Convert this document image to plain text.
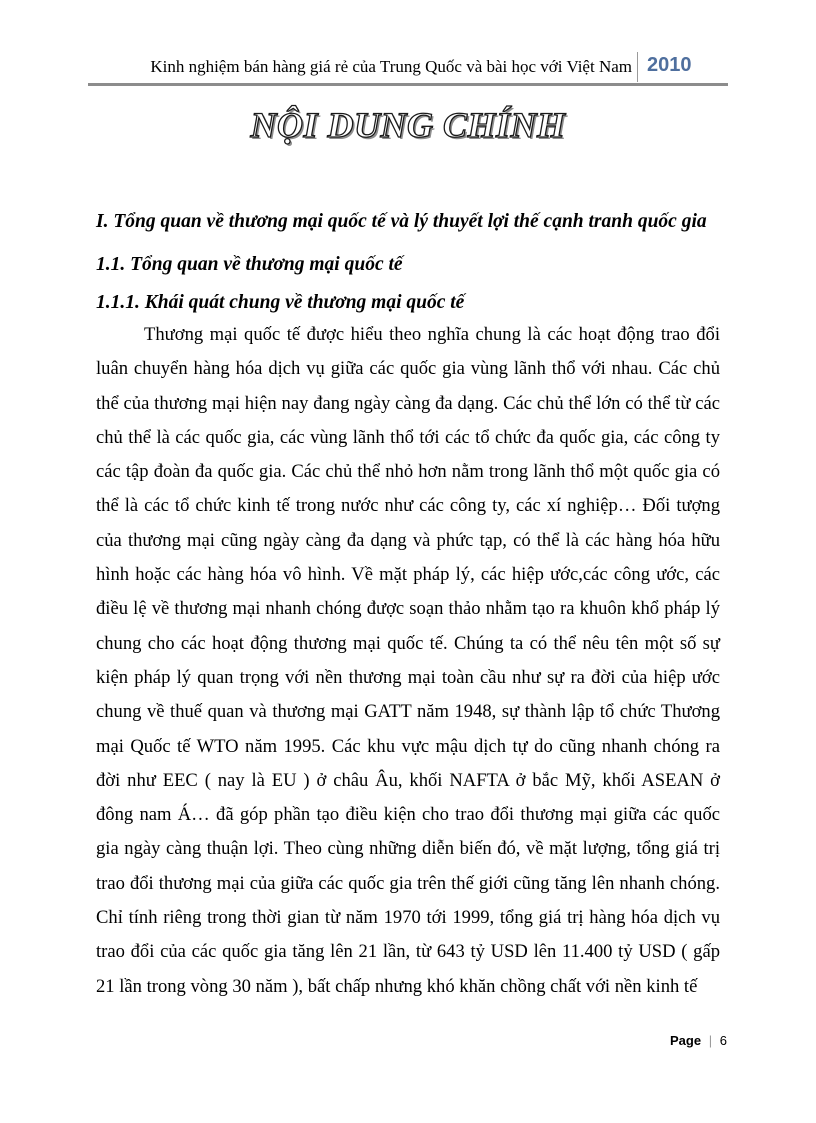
Kinh nghiệm bán hàng giá rẻ của Trung Quốc và bài học với Việt Nam 2010
NỘI DUNG CHÍNH
I. Tổng quan về thương mại quốc tế và lý thuyết lợi thế cạnh tranh quốc gia
1.1. Tổng quan về thương mại quốc tế
1.1.1. Khái quát chung về thương mại quốc tế

Thương mại quốc tế được hiểu theo nghĩa chung là các hoạt động trao đổi luân chuyển hàng hóa dịch vụ giữa các quốc gia vùng lãnh thổ với nhau. Các chủ thể của thương mại hiện nay đang ngày càng đa dạng. Các chủ thể lớn có thể từ các chủ thể là các quốc gia, các vùng lãnh thổ tới các tổ chức đa quốc gia, các công ty các tập đoàn đa quốc gia. Các chủ thể nhỏ hơn nằm trong lãnh thổ một quốc gia có thể là các tổ chức kinh tế trong nước như các công ty, các xí nghiệp… Đối tượng của thương mại cũng ngày càng đa dạng và phức tạp, có thể là các hàng hóa hữu hình hoặc các hàng hóa vô hình. Về mặt pháp lý, các hiệp ước,các công ước, các điều lệ về thương mại nhanh chóng được soạn thảo nhằm tạo ra khuôn khổ pháp lý chung cho các hoạt động thương mại quốc tế. Chúng ta có thể nêu tên một số sự kiện pháp lý quan trọng với nền thương mại toàn cầu như sự ra đời của hiệp ước chung về thuế quan và thương mại GATT năm 1948, sự thành lập tổ chức Thương mại Quốc tế WTO năm 1995. Các khu vực mậu dịch tự do cũng nhanh chóng ra đời như EEC ( nay là EU ) ở châu Âu, khối NAFTA ở bắc Mỹ, khối ASEAN ở đông nam Á… đã góp phần tạo điều kiện cho trao đổi thương mại giữa các quốc gia ngày càng thuận lợi. Theo cùng những diễn biến đó, về mặt lượng, tổng giá trị trao đổi thương mại của giữa các quốc gia trên thế giới cũng tăng lên nhanh chóng. Chỉ tính riêng trong thời gian từ năm 1970 tới 1999, tổng giá trị hàng hóa dịch vụ trao đổi của các quốc gia tăng lên 21 lần, từ 643 tỷ USD lên 11.400 tỷ USD ( gấp 21 lần trong vòng 30 năm ), bất chấp nhưng khó khăn chồng chất với nền kinh tế

Page | 6
